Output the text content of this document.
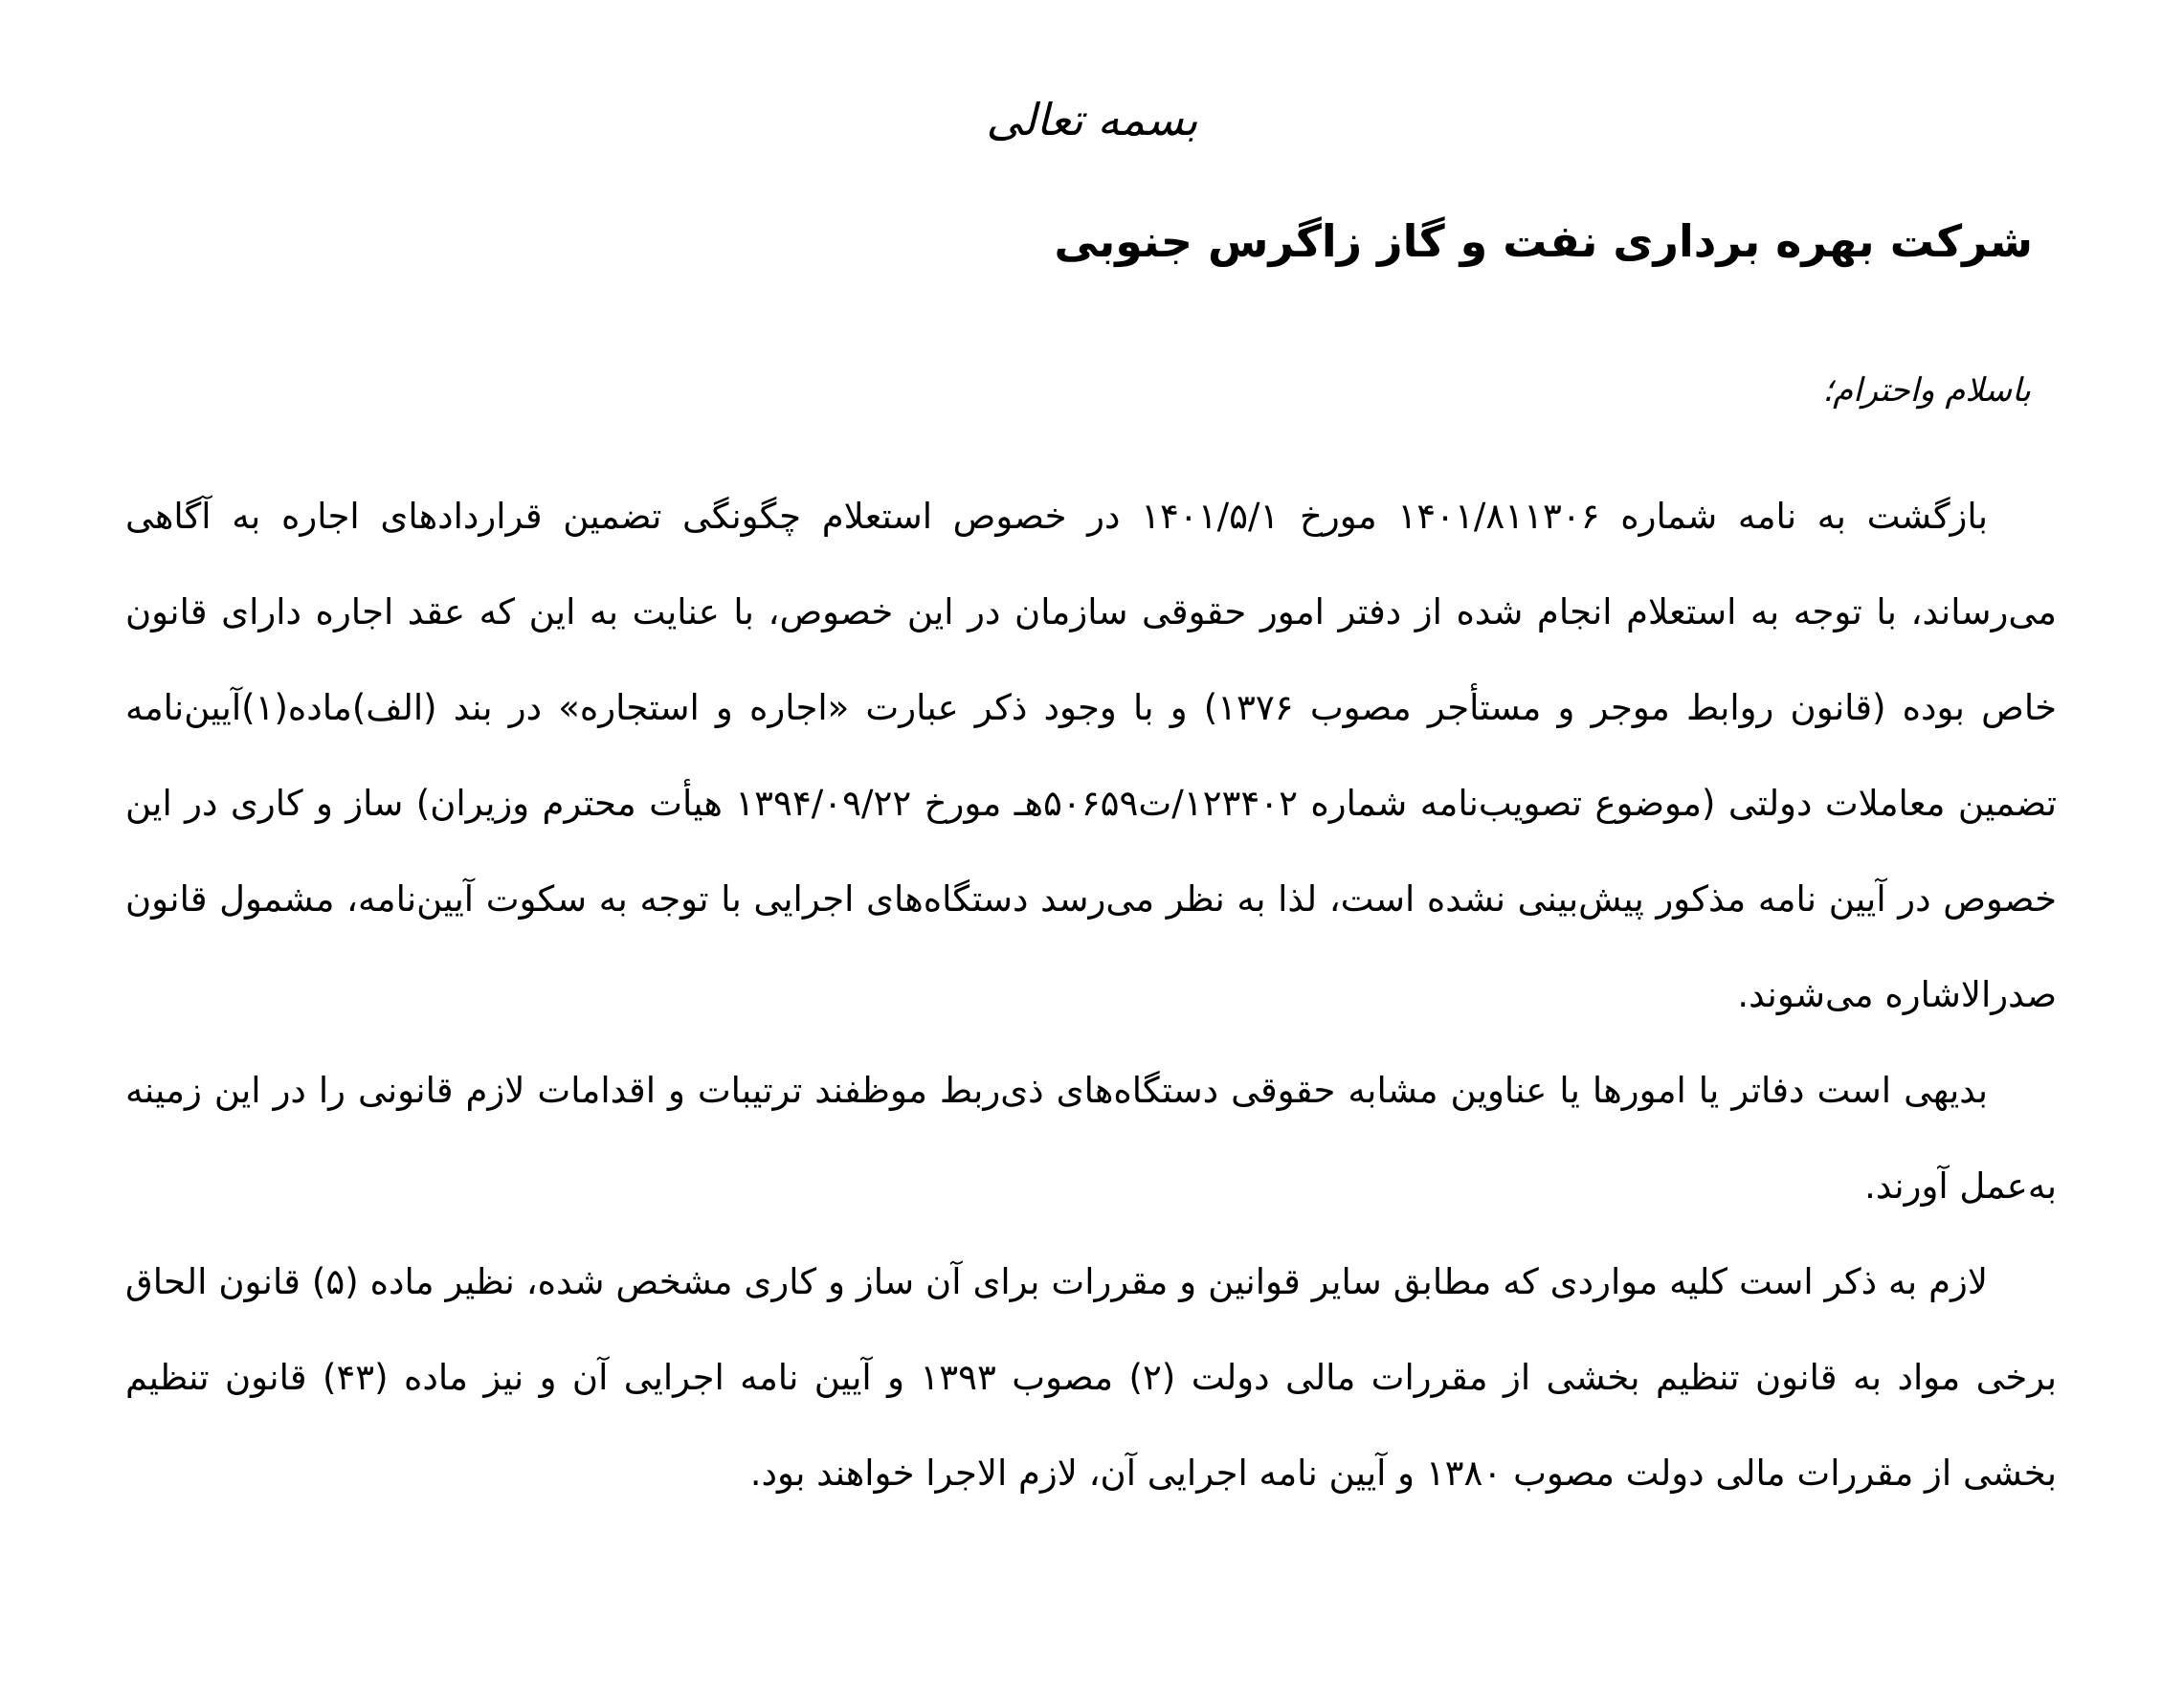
بسمه تعالی
شرکت بهره برداری نفت و گاز زاگرس جنوبی
باسلام واحترام؛

بازگشت به نامه شماره ۱۴۰۱/۸۱۱۳۰۶ مورخ ۱۴۰۱/۵/۱ در خصوص استعلام چگونگی تضمین قراردادهای اجاره به آگاهی می‌رساند، با توجه به استعلام انجام شده از دفتر امور حقوقی سازمان در این خصوص، با عنایت به این که عقد اجاره دارای قانون خاص بوده (قانون روابط موجر و مستأجر مصوب ۱۳۷۶) و با وجود ذکر عبارت «اجاره و استجاره» در بند (الف)ماده(۱)آیین‌نامه تضمین معاملات دولتی (موضوع تصویب‌نامه شماره ۱۲۳۴۰۲/ت۵۰۶۵۹هـ مورخ ۱۳۹۴/۰۹/۲۲ هیأت محترم وزیران) ساز و کاری در این خصوص در آیین نامه مذکور پیش‌بینی نشده است، لذا به نظر می‌رسد دستگاه‌های اجرایی با توجه به سکوت آیین‌نامه، مشمول قانون صدرالاشاره می‌شوند.

بدیهی است دفاتر یا امورها یا عناوین مشابه حقوقی دستگاه‌های ذی‌ربط موظفند ترتیبات و اقدامات لازم قانونی را در این زمینه به‌عمل آورند.

لازم به ذکر است کلیه مواردی که مطابق سایر قوانین و مقررات برای آن ساز و کاری مشخص شده، نظیر ماده (۵) قانون الحاق برخی مواد به قانون تنظیم بخشی از مقررات مالی دولت (۲) مصوب ۱۳۹۳ و آیین نامه اجرایی آن و نیز ماده (۴۳) قانون تنظیم بخشی از مقررات مالی دولت مصوب ۱۳۸۰ و آیین نامه اجرایی آن، لازم الاجرا خواهند بود.
